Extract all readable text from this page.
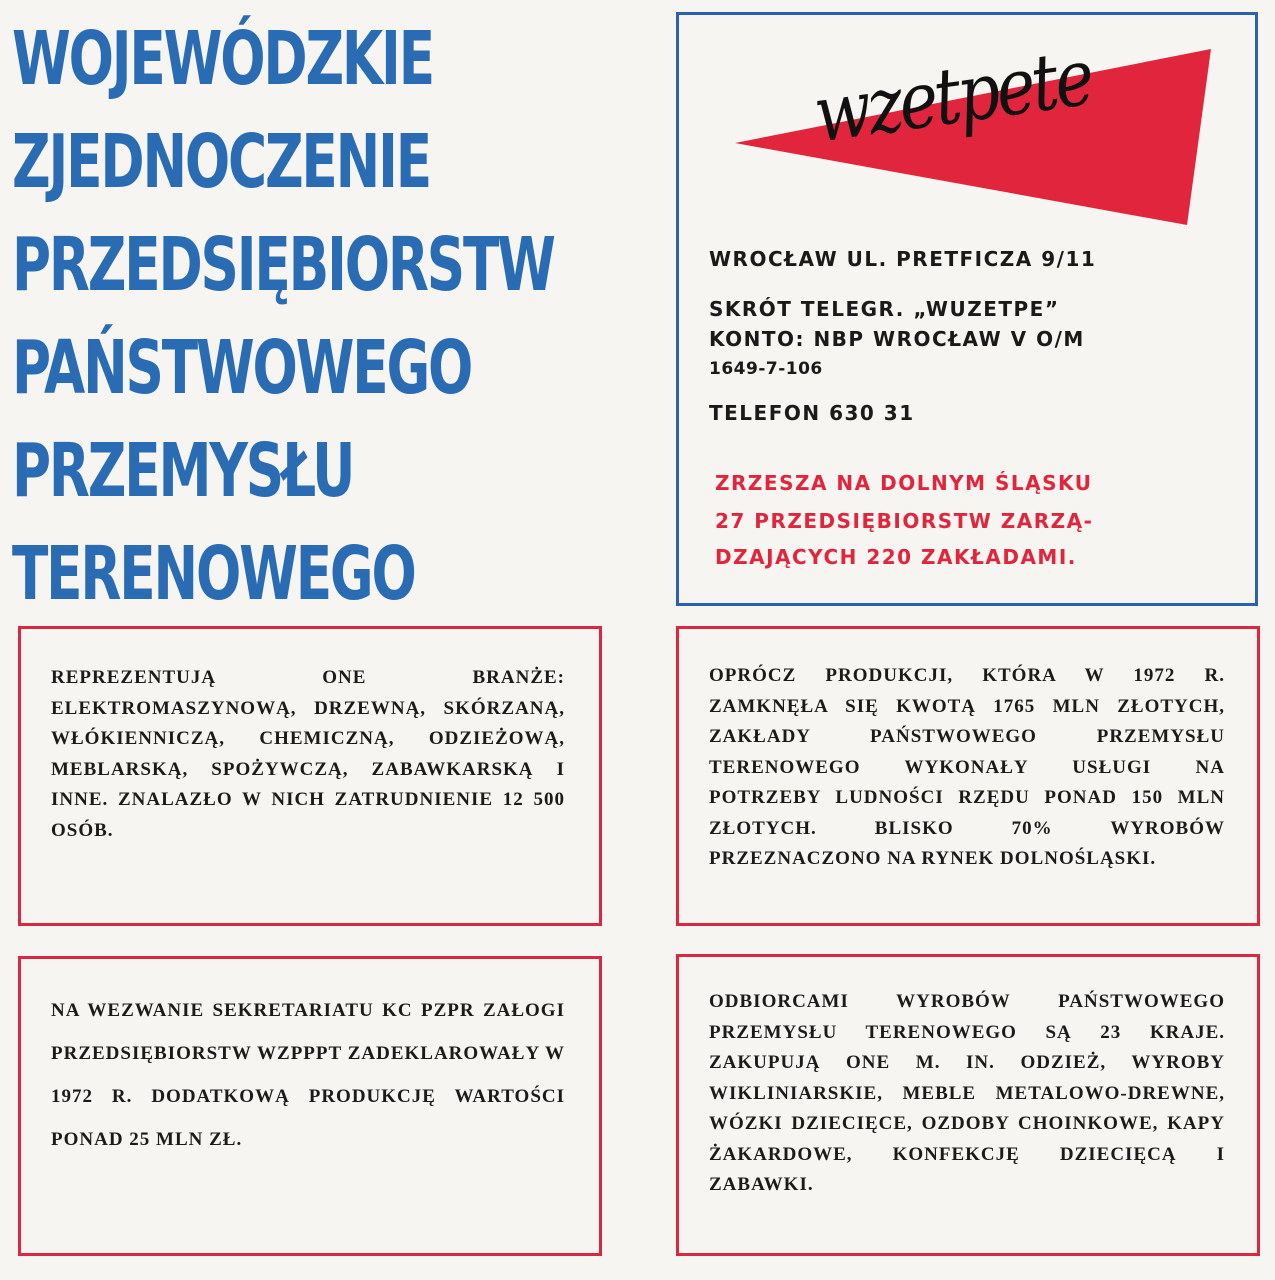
WOJEWÓDZKIE
ZJEDNOCZENIE
PRZEDSIĘBIORSTW
PAŃSTWOWEGO
PRZEMYSŁU
TERENOWEGO
wzetpete
WROCŁAW UL. PRETFICZA 9/11
SKRÓT TELEGR. „WUZETPE”
KONTO: NBP WROCŁAW V O/M
1649-7-106
TELEFON 630 31
ZRZESZA NA DOLNYM ŚLĄSKU
27 PRZEDSIĘBIORSTW ZARZĄ-
DZAJĄCYCH 220 ZAKŁADAMI.

REPREZENTUJĄ ONE BRANŻE: ELEKTROMASZYNOWĄ, DRZEWNĄ, SKÓRZANĄ, WŁÓKIENNICZĄ, CHEMICZNĄ, ODZIEŻOWĄ, MEBLARSKĄ, SPOŻYWCZĄ, ZABAWKARSKĄ I INNE. ZNALAZŁO W NICH ZATRUDNIENIE 12 500 OSÓB.

OPRÓCZ PRODUKCJI, KTÓRA W 1972 R. ZAMKNĘŁA SIĘ KWOTĄ 1765 MLN ZŁOTYCH, ZAKŁADY PAŃSTWOWEGO PRZEMYSŁU TERENOWEGO WYKONAŁY USŁUGI NA POTRZEBY LUDNOŚCI RZĘDU PONAD 150 MLN ZŁOTYCH. BLISKO 70% WYROBÓW PRZEZNACZONO NA RYNEK DOLNOŚLĄSKI.

NA WEZWANIE SEKRETARIATU KC PZPR ZAŁOGI PRZEDSIĘBIORSTW WZPPPT ZADEKLAROWAŁY W 1972 R. DODATKOWĄ PRODUKCJĘ WARTOŚCI PONAD 25 MLN ZŁ.

ODBIORCAMI WYROBÓW PAŃSTWOWEGO PRZEMYSŁU TERENOWEGO SĄ 23 KRAJE. ZAKUPUJĄ ONE M. IN. ODZIEŻ, WYROBY WIKLINIARSKIE, MEBLE METALOWO-DREWNE, WÓZKI DZIECIĘCE, OZDOBY CHOINKOWE, KAPY ŻAKARDOWE, KONFEKCJĘ DZIECIĘCĄ I ZABAWKI.
